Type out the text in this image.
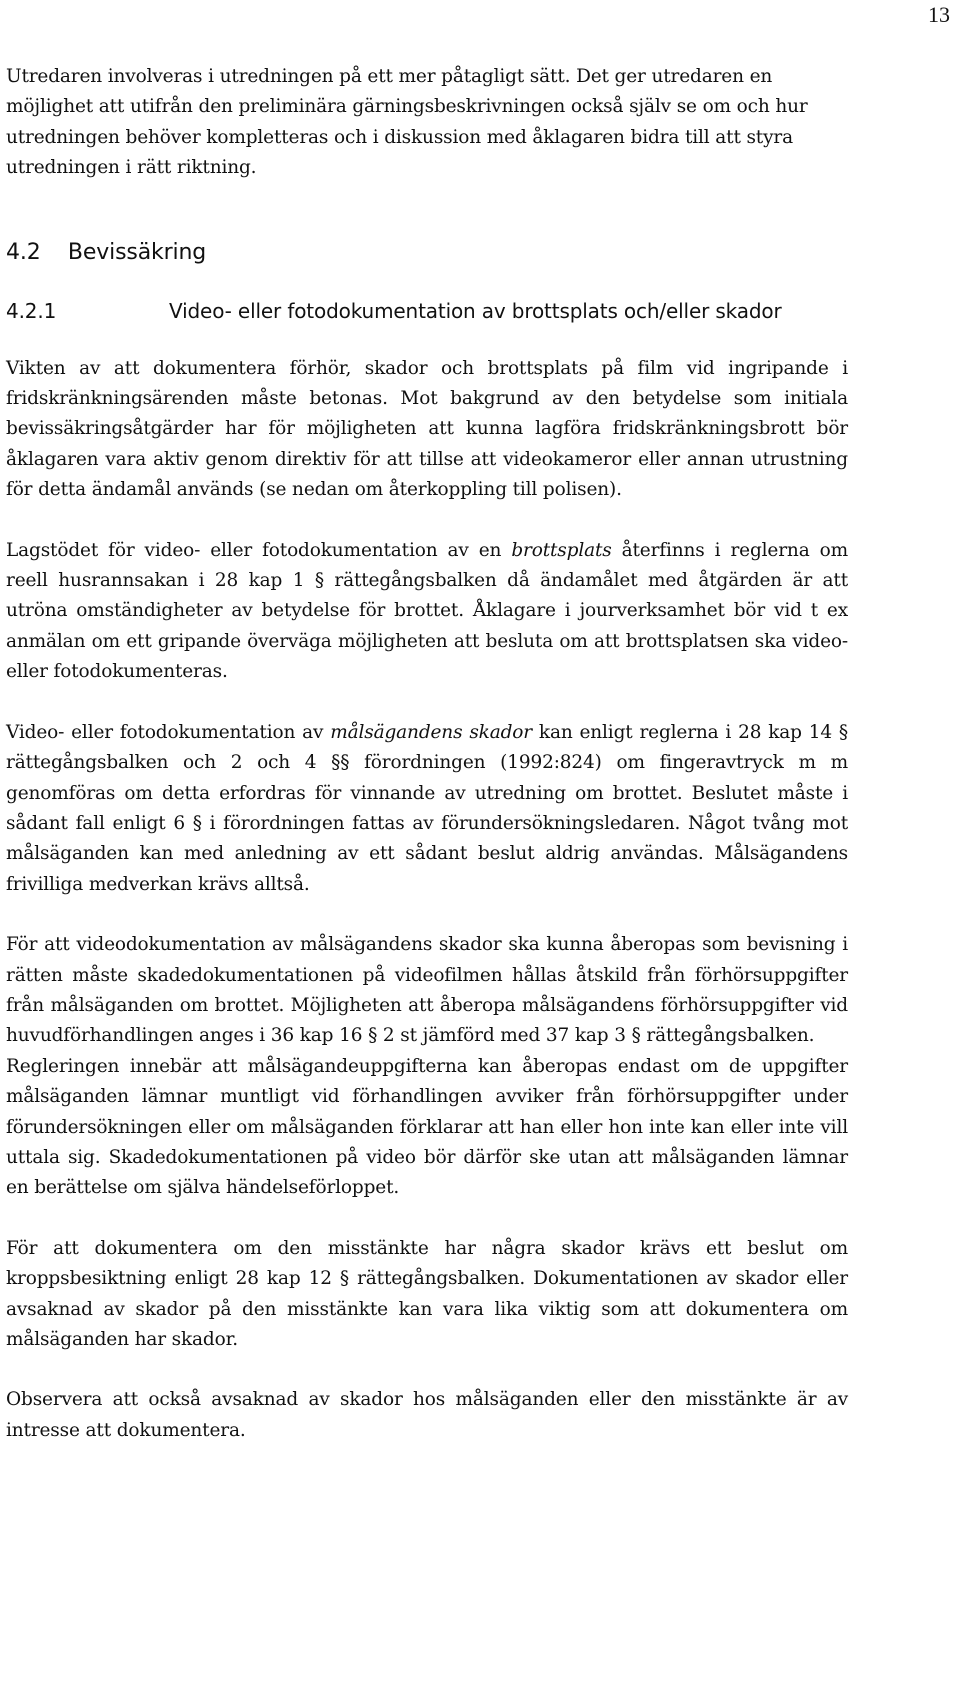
13

Utredaren involveras i utredningen på ett mer påtagligt sätt. Det ger utredaren en möjlighet att utifrån den preliminära gärningsbeskrivningen också själv se om och hur utredningen behöver kompletteras och i diskussion med åklagaren bidra till att styra utredningen i rätt riktning.

4.2 Bevissäkring
4.2.1	Video- eller fotodokumentation av brottsplats och/eller skador

Vikten av att dokumentera förhör, skador och brottsplats på film vid ingripande i fridskränkningsärenden måste betonas. Mot bakgrund av den betydelse som initiala bevissäkringsåtgärder har för möjligheten att kunna lagföra fridskränkningsbrott bör åklagaren vara aktiv genom direktiv för att tillse att videokameror eller annan utrustning för detta ändamål används (se nedan om återkoppling till polisen).

Lagstödet för video- eller fotodokumentation av en brottsplats återfinns i reglerna om reell husrannsakan i 28 kap 1 § rättegångsbalken då ändamålet med åtgärden är att utröna omständigheter av betydelse för brottet. Åklagare i jourverksamhet bör vid t ex anmälan om ett gripande överväga möjligheten att besluta om att brottsplatsen ska video- eller fotodokumenteras.

Video- eller fotodokumentation av målsägandens skador kan enligt reglerna i 28 kap 14 § rättegångsbalken och 2 och 4 §§ förordningen (1992:824) om fingeravtryck m m genomföras om detta erfordras för vinnande av utredning om brottet. Beslutet måste i sådant fall enligt 6 § i förordningen fattas av förundersökningsledaren. Något tvång mot målsäganden kan med anledning av ett sådant beslut aldrig användas. Målsägandens frivilliga medverkan krävs alltså.

För att videodokumentation av målsägandens skador ska kunna åberopas som bevisning i rätten måste skadedokumentationen på videofilmen hållas åtskild från förhörsuppgifter från målsäganden om brottet. Möjligheten att åberopa målsägandens förhörsuppgifter vid huvudförhandlingen anges i 36 kap 16 § 2 st jämförd med 37 kap 3 § rättegångsbalken.

Regleringen innebär att målsägandeuppgifterna kan åberopas endast om de uppgifter målsäganden lämnar muntligt vid förhandlingen avviker från förhörsuppgifter under förundersökningen eller om målsäganden förklarar att han eller hon inte kan eller inte vill uttala sig. Skadedokumentationen på video bör därför ske utan att målsäganden lämnar en berättelse om själva händelseförloppet.

För att dokumentera om den misstänkte har några skador krävs ett beslut om kroppsbesiktning enligt 28 kap 12 § rättegångsbalken. Dokumentationen av skador eller avsaknad av skador på den misstänkte kan vara lika viktig som att dokumentera om målsäganden har skador.

Observera att också avsaknad av skador hos målsäganden eller den misstänkte är av intresse att dokumentera.
